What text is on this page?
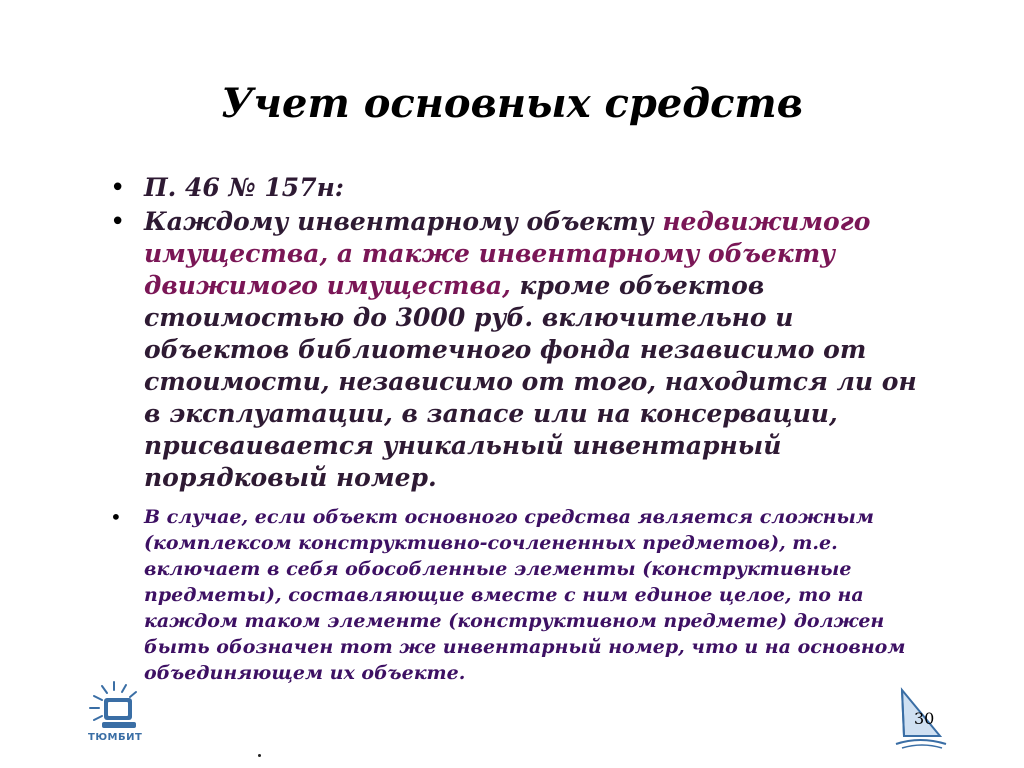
Учет основных средств
• П. 46 № 157н:
• Каждому инвентарному объекту недвижимого имущества, а также инвентарному объекту движимого имущества, кроме объектов стоимостью до 3000 руб. включительно и объектов библиотечного фонда независимо от стоимости, независимо от того, находится ли он в эксплуатации, в запасе или на консервации, присваивается уникальный инвентарный порядковый номер.
• В случае, если объект основного средства является сложным (комплексом конструктивно-сочлененных предметов), т.е. включает в себя обособленные элементы (конструктивные предметы), составляющие вместе с ним единое целое, то на каждом таком элементе (конструктивном предмете) должен быть обозначен тот же инвентарный номер, что и на основном объединяющем их объекте.
ТЮМБИТ
30
